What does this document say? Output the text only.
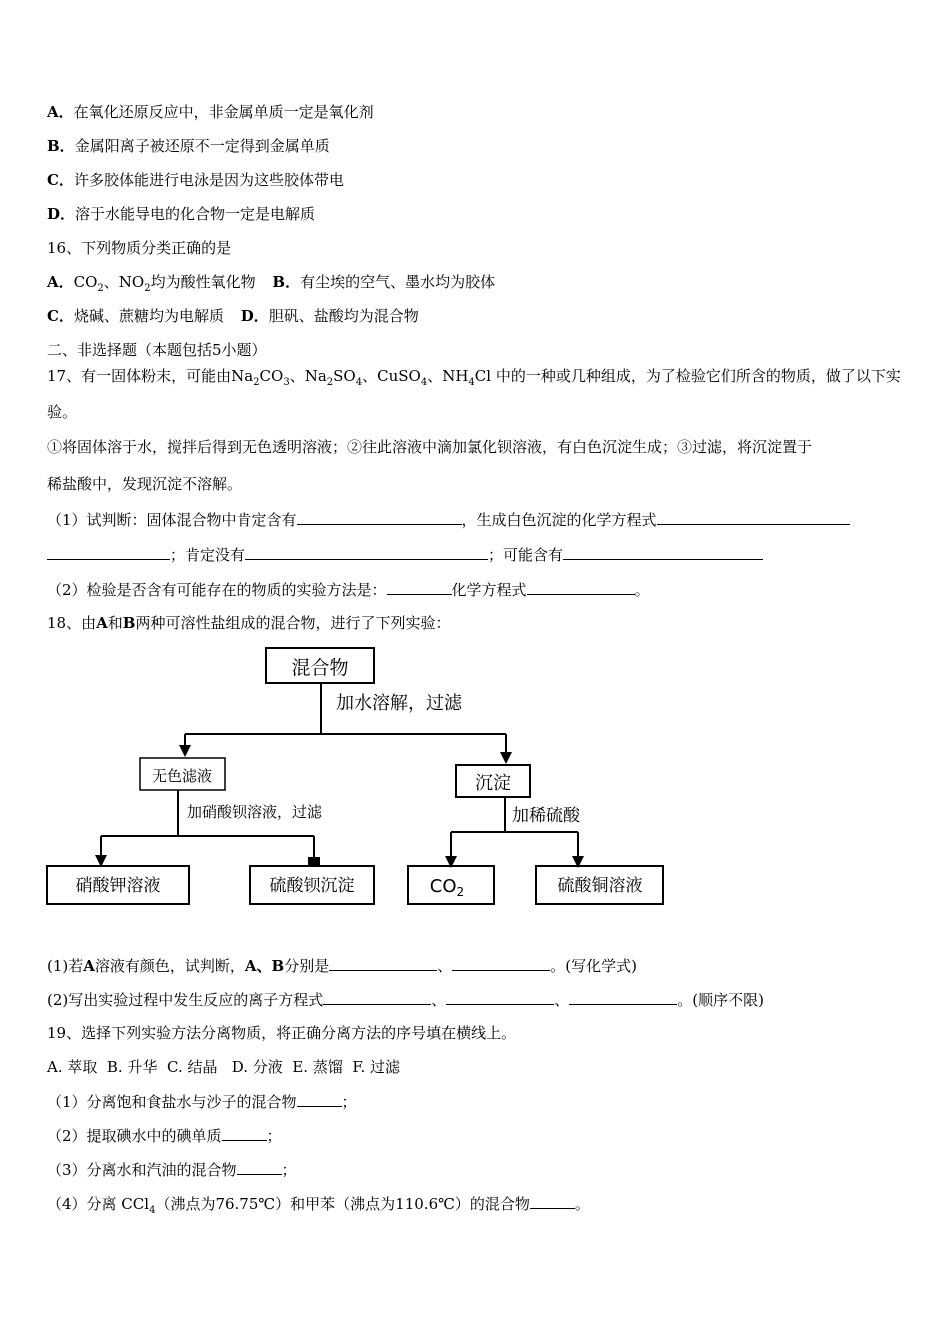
A．在氧化还原反应中，非金属单质一定是氧化剂
B．金属阳离子被还原不一定得到金属单质
C．许多胶体能进行电泳是因为这些胶体带电
D．溶于水能导电的化合物一定是电解质
16、下列物质分类正确的是
A．$CO_2$、$NO_2$均为酸性氧化物 B．有尘埃的空气、墨水均为胶体
C．烧碱、蔗糖均为电解质 D．胆矾、盐酸均为混合物
二、非选择题（本题包括5小题）
17、有一固体粉末，可能由$Na_2CO_3$、$Na_2SO_4$、CuSO$_4$、$NH_4Cl$ 中的一种或几种组成，为了检验它们所含的物质，做了以下实
验。
①将固体溶于水，搅拌后得到无色透明溶液；②往此溶液中滴加氯化钡溶液，有白色沉淀生成；③过滤，将沉淀置于
稀盐酸中，发现沉淀不溶解。
（1）试判断：固体混合物中肯定含有	，生成白色沉淀的化学方程式
；肯定没有	；可能含有
（2）检验是否含有可能存在的物质的实验方法是：	化学方程式	。
18、由A和B两种可溶性盐组成的混合物，进行了下列实验：
混合物
加水溶解，过滤
无色滤液	沉淀
加硝酸钡溶液，过滤	加稀硫酸
硝酸钾溶液	硫酸钡沉淀	$CO_2$	硫酸铜溶液
(1)若A溶液有颜色，试判断，A、B分别是	、	。(写化学式)
(2)写出实验过程中发生反应的离子方程式	、	、	。(顺序不限)
19、选择下列实验方法分离物质，将正确分离方法的序号填在横线上。
A. 萃取  B. 升华  C. 结晶   D. 分液  E. 蒸馏  F. 过滤
（1）分离饱和食盐水与沙子的混合物	；
（2）提取碘水中的碘单质	；
（3）分离水和汽油的混合物	；
（4）分离 CCl$_4$（沸点为76.75℃）和甲苯（沸点为110.6℃）的混合物	。
